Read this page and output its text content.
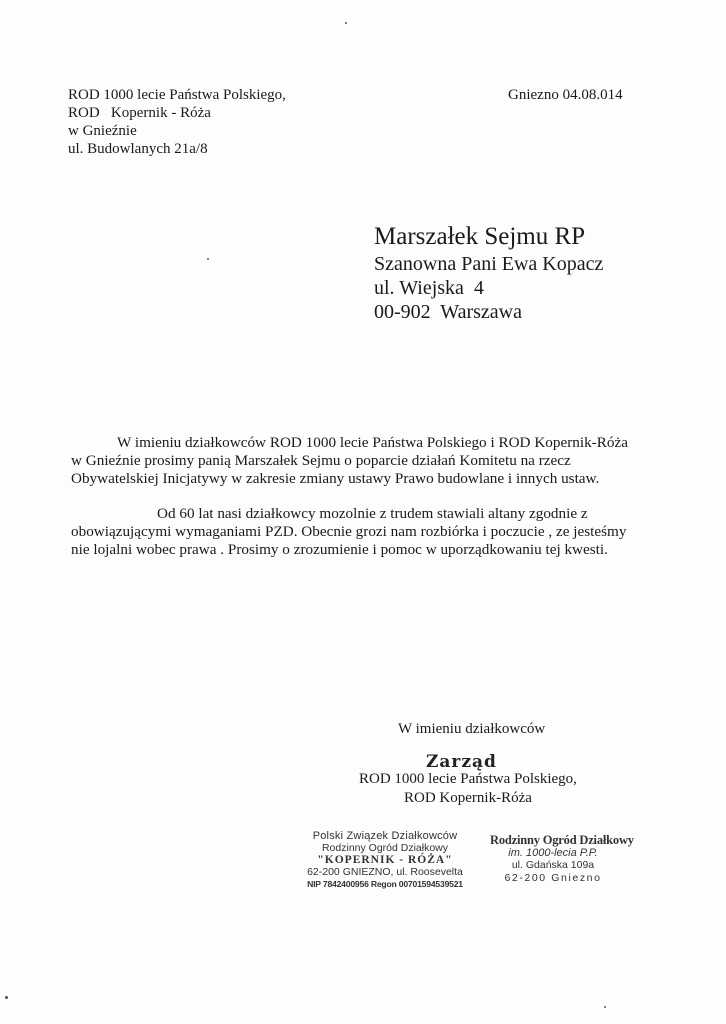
ROD 1000 lecie Państwa Polskiego,
ROD   Kopernik - Róża
w Gnieźnie
ul. Budowlanych 21a/8
Gniezno 04.08.014
Marszałek Sejmu RP
Szanowna Pani Ewa Kopacz
ul. Wiejska  4
00-902  Warszawa
W imieniu działkowców ROD 1000 lecie Państwa Polskiego i ROD Kopernik-Róża
w Gnieźnie prosimy panią Marszałek Sejmu o poparcie działań Komitetu na rzecz
Obywatelskiej Inicjatywy w zakresie zmiany ustawy Prawo budowlane i innych ustaw.
Od 60 lat nasi działkowcy mozolnie z trudem stawiali altany zgodnie z
obowiązującymi wymaganiami PZD. Obecnie grozi nam rozbiórka i poczucie , ze jesteśmy
nie lojalni wobec prawa . Prosimy o zrozumienie i pomoc w uporządkowaniu tej kwesti.
W imieniu działkowców
Zarząd
ROD 1000 lecie Państwa Polskiego,
ROD Kopernik-Róża
Polski Związek Działkowców
Rodzinny Ogród Działkowy
"KOPERNIK - RÓŻA"
62-200 GNIEZNO, ul. Roosevelta
NIP 7842400956 Regon 00701594539521
Rodzinny Ogród Działkowy
im. 1000-lecia P.P.
ul. Gdańska 109a
62-200 Gniezno
